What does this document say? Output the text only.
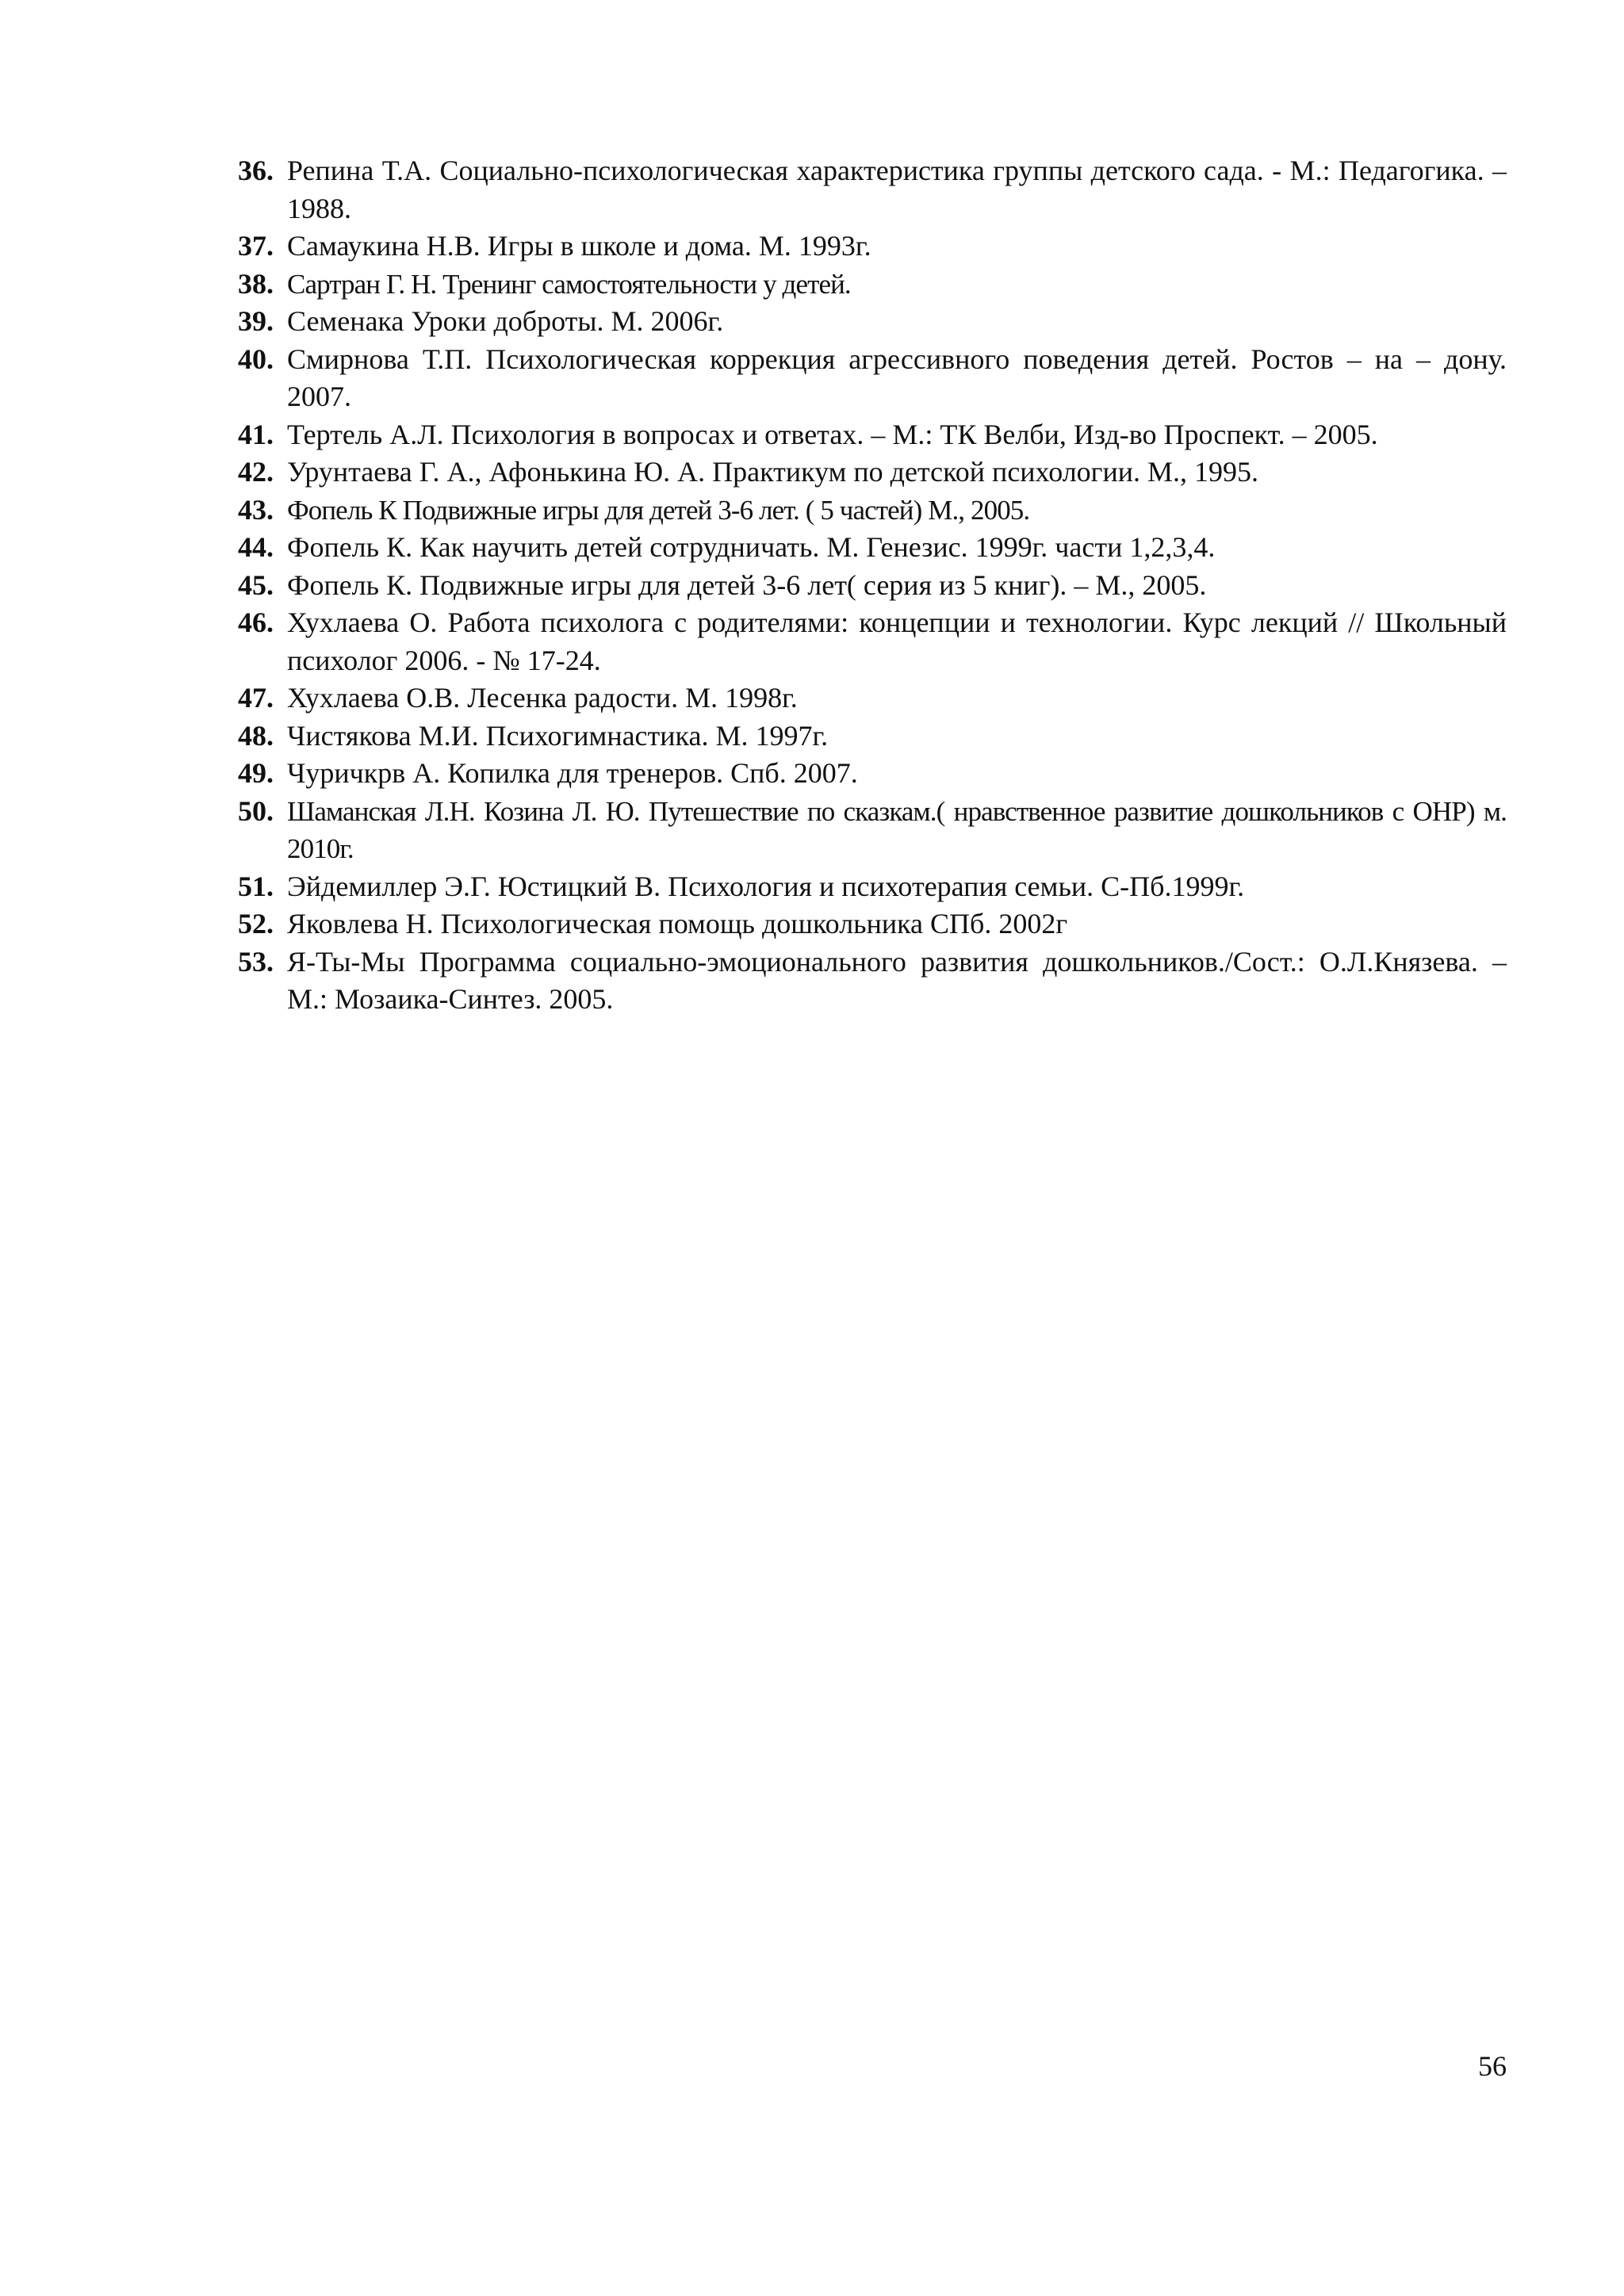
36. Репина Т.А. Социально-психологическая характеристика группы детского сада. - М.: Педагогика. – 1988.
37. Самаукина Н.В. Игры в школе и дома. М. 1993г.
38. Сартран Г. Н. Тренинг самостоятельности у детей.
39. Семенака Уроки доброты. М. 2006г.
40. Смирнова Т.П. Психологическая коррекция агрессивного поведения детей. Ростов – на – дону. 2007.
41. Тертель А.Л. Психология в вопросах и ответах. – М.: ТК Велби, Изд-во Проспект. – 2005.
42. Урунтаева Г. А., Афонькина Ю. А. Практикум по детской психологии. М., 1995.
43. Фопель К Подвижные игры для детей 3-6 лет. ( 5 частей) М., 2005.
44. Фопель К. Как научить детей сотрудничать. М. Генезис. 1999г. части 1,2,3,4.
45. Фопель К. Подвижные игры для детей 3-6 лет( серия из 5 книг). – М., 2005.
46. Хухлаева О. Работа психолога с родителями: концепции и технологии. Курс лекций // Школьный психолог 2006. - № 17-24.
47. Хухлаева О.В. Лесенка радости. М. 1998г.
48. Чистякова М.И. Психогимнастика. М. 1997г.
49. Чуричкрв А. Копилка для тренеров. Спб. 2007.
50. Шаманская Л.Н. Козина Л. Ю. Путешествие по сказкам.( нравственное развитие дошкольников с ОНР) м. 2010г.
51. Эйдемиллер Э.Г. Юстицкий В. Психология и психотерапия семьи. С-Пб.1999г.
52. Яковлева Н. Психологическая помощь дошкольника СПб. 2002г
53. Я-Ты-Мы Программа социально-эмоционального развития дошкольников./Сост.: О.Л.Князева. – М.: Мозаика-Синтез. 2005.
56
